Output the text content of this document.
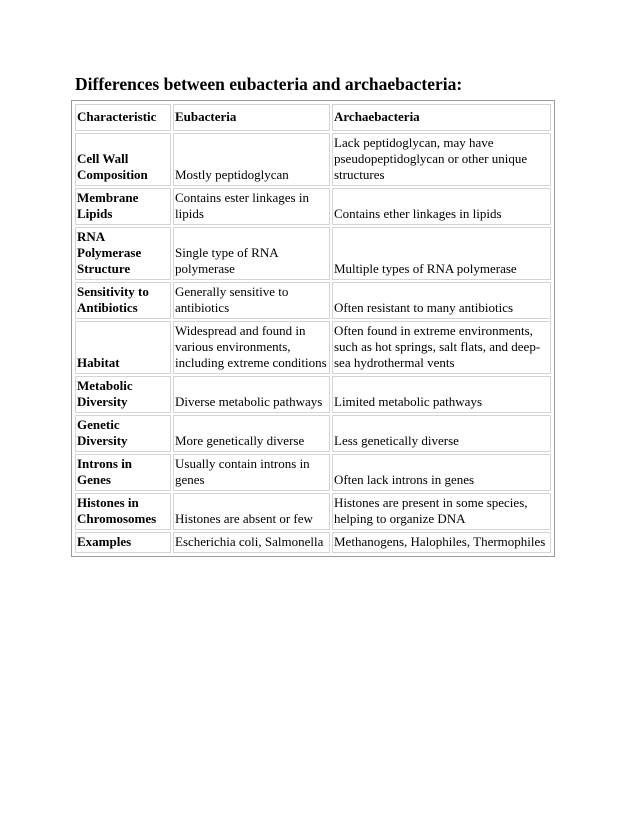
Differences between eubacteria and archaebacteria:
Characteristic	Eubacteria	Archaebacteria
Cell Wall Composition	Mostly peptidoglycan	Lack peptidoglycan, may have pseudopeptidoglycan or other unique structures
Membrane Lipids	Contains ester linkages in lipids	Contains ether linkages in lipids
RNA Polymerase Structure	Single type of RNA polymerase	Multiple types of RNA polymerase
Sensitivity to Antibiotics	Generally sensitive to antibiotics	Often resistant to many antibiotics
Habitat	Widespread and found in various environments, including extreme conditions	Often found in extreme environments, such as hot springs, salt flats, and deep-sea hydrothermal vents
Metabolic Diversity	Diverse metabolic pathways	Limited metabolic pathways
Genetic Diversity	More genetically diverse	Less genetically diverse
Introns in Genes	Usually contain introns in genes	Often lack introns in genes
Histones in Chromosomes	Histones are absent or few	Histones are present in some species, helping to organize DNA
Examples	Escherichia coli, Salmonella	Methanogens, Halophiles, Thermophiles
